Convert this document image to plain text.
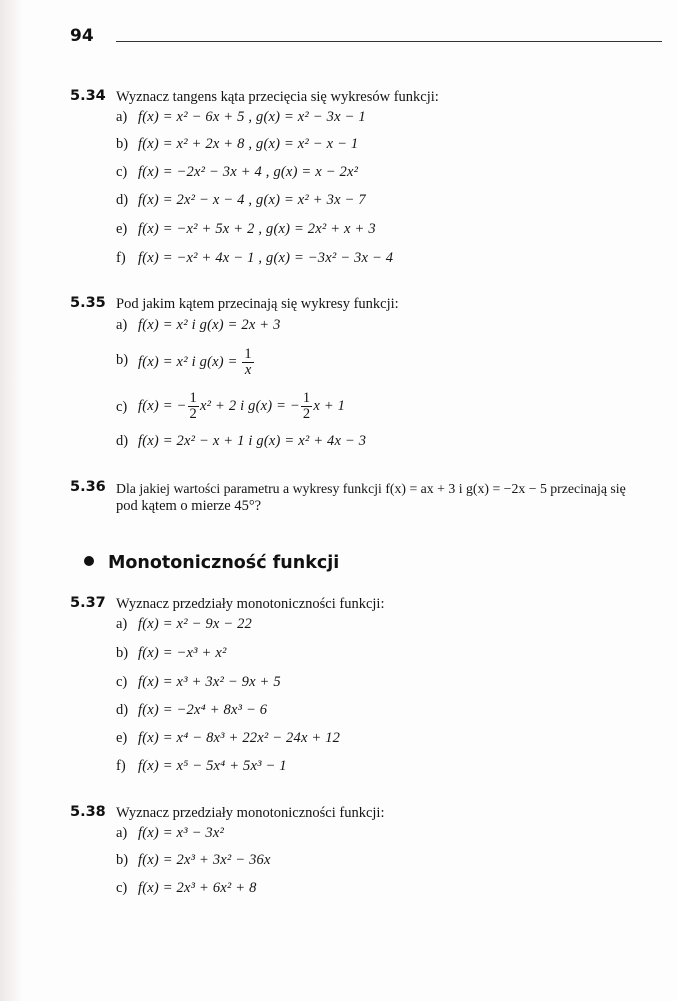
94
5.34 Wyznacz tangens kąta przecięcia się wykresów funkcji:
a) f(x) = x² − 6x + 5 , g(x) = x² − 3x − 1
b) f(x) = x² + 2x + 8 , g(x) = x² − x − 1
c) f(x) = −2x² − 3x + 4 , g(x) = x − 2x²
d) f(x) = 2x² − x − 4 , g(x) = x² + 3x − 7
e) f(x) = −x² + 5x + 2 , g(x) = 2x² + x + 3
f) f(x) = −x² + 4x − 1 , g(x) = −3x² − 3x − 4
5.35 Pod jakim kątem przecinają się wykresy funkcji:
a) f(x) = x² i g(x) = 2x + 3
b) f(x) = x² i $g(x) = \frac{1}{x}$
c) f(x) = − $\frac{1}{2} x^2 + 2$ i g(x) = − $\frac{1}{2}$ x + 1
d) f(x) = 2x² − x + 1 i g(x) = x² + 4x − 3
5.36 Dla jakiej wartości parametru a wykresy funkcji f(x) = ax + 3 i g(x) = −2x − 5 przecinają się
pod kątem o mierze 45°?
Monotoniczność funkcji
5.37 Wyznacz przedziały monotoniczności funkcji:
a) f(x) = x² − 9x − 22
b) f(x) = −x³ + x²
c) f(x) = x³ + 3x² − 9x + 5
d) f(x) = −2x⁴ + 8x³ − 6
e) f(x) = x⁴ − 8x³ + 22x² − 24x + 12
f) f(x) = x⁵ − 5x⁴ + 5x³ − 1
5.38 Wyznacz przedziały monotoniczności funkcji:
a) f(x) = x³ − 3x²
b) f(x) = 2x³ + 3x² − 36x
c) f(x) = 2x³ + 6x² + 8
